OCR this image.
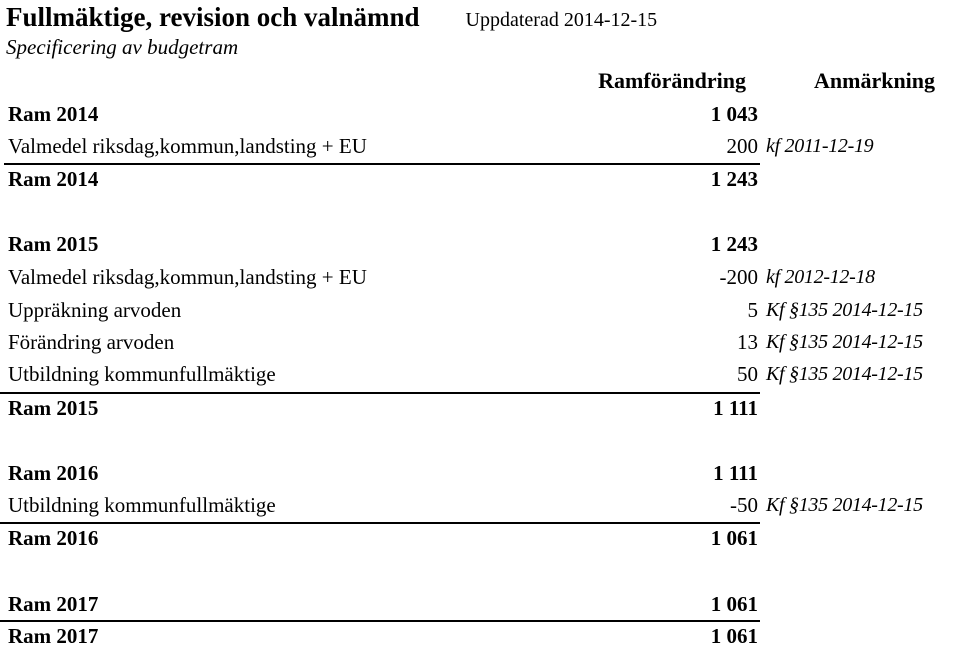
Fullmäktige, revision och valnämnd Uppdaterad 2014-12-15
Specificering av budgetram
Ramförändring	Anmärkning
Ram 2014	1 043
Valmedel riksdag,kommun,landsting + EU	200 kf 2011-12-19
Ram 2014	1 243
Ram 2015	1 243
Valmedel riksdag,kommun,landsting + EU	-200 kf 2012-12-18
Uppräkning arvoden	5 Kf §135 2014-12-15
Förändring arvoden	13 Kf §135 2014-12-15
Utbildning kommunfullmäktige	50 Kf §135 2014-12-15
Ram 2015	1 111
Ram 2016	1 111
Utbildning kommunfullmäktige	-50 Kf §135 2014-12-15
Ram 2016	1 061
Ram 2017	1 061
Ram 2017	1 061
